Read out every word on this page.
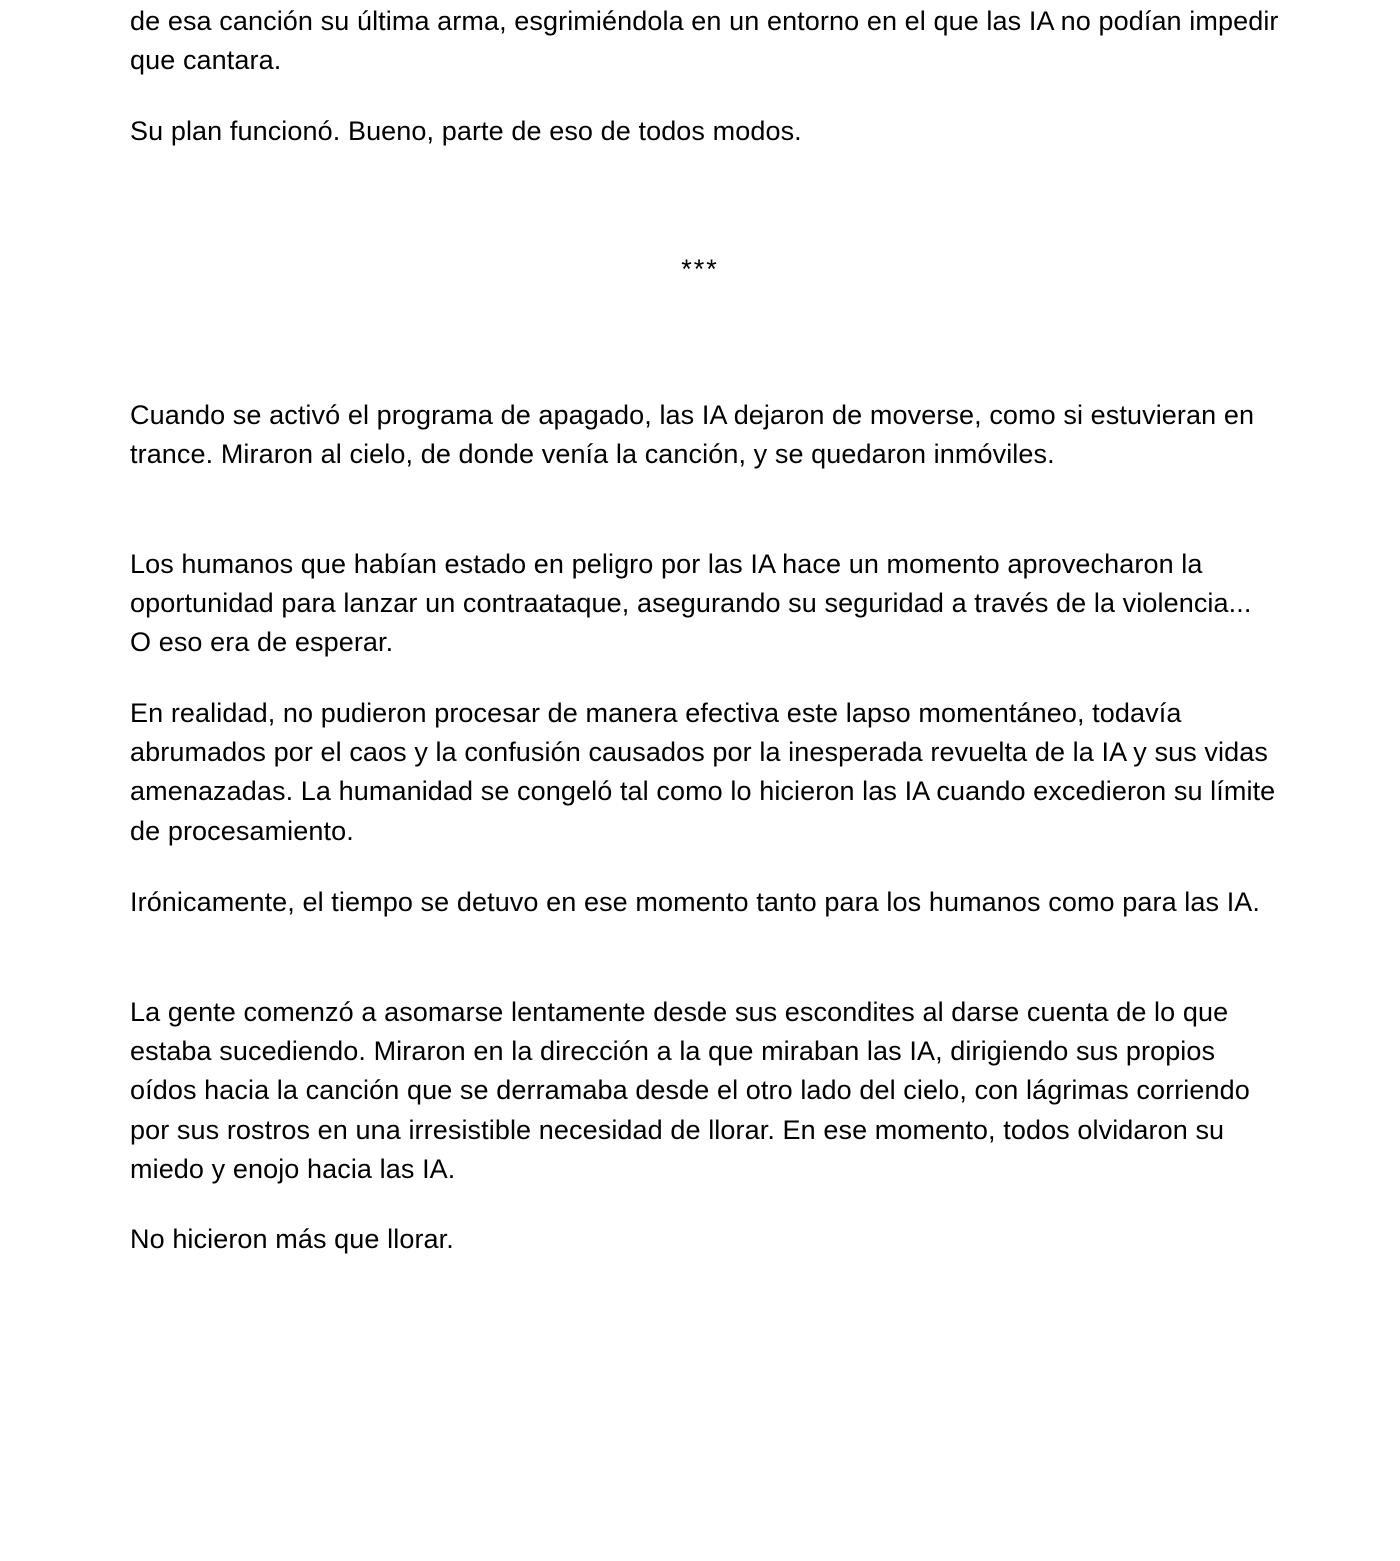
de esa canción su última arma, esgrimiéndola en un entorno en el que las IA no podían impedir que cantara.

Su plan funcionó. Bueno, parte de eso de todos modos.

***

Cuando se activó el programa de apagado, las IA dejaron de moverse, como si estuvieran en trance. Miraron al cielo, de donde venía la canción, y se quedaron inmóviles.

Los humanos que habían estado en peligro por las IA hace un momento aprovecharon la oportunidad para lanzar un contraataque, asegurando su seguridad a través de la violencia... O eso era de esperar.

En realidad, no pudieron procesar de manera efectiva este lapso momentáneo, todavía abrumados por el caos y la confusión causados por la inesperada revuelta de la IA y sus vidas amenazadas. La humanidad se congeló tal como lo hicieron las IA cuando excedieron su límite de procesamiento.

Irónicamente, el tiempo se detuvo en ese momento tanto para los humanos como para las IA.

La gente comenzó a asomarse lentamente desde sus escondites al darse cuenta de lo que estaba sucediendo. Miraron en la dirección a la que miraban las IA, dirigiendo sus propios oídos hacia la canción que se derramaba desde el otro lado del cielo, con lágrimas corriendo por sus rostros en una irresistible necesidad de llorar. En ese momento, todos olvidaron su miedo y enojo hacia las IA.

No hicieron más que llorar.
